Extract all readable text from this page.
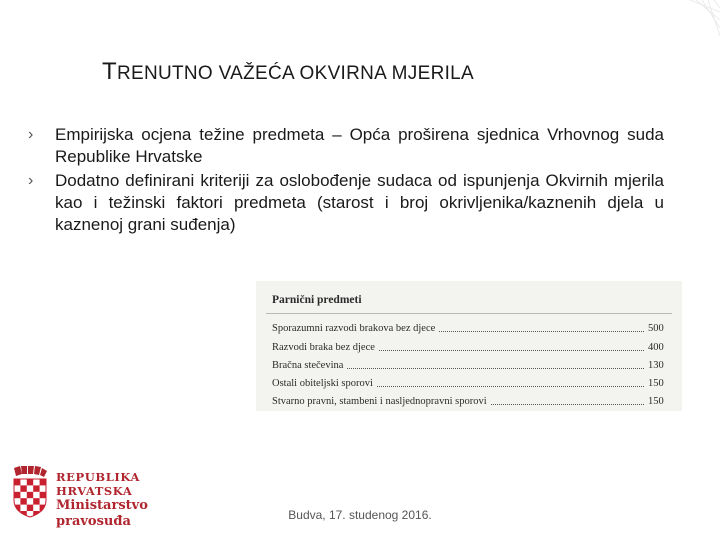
TRENUTNO VAŽEĆA OKVIRNA MJERILA
› Empirijska ocjena težine predmeta – Opća proširena sjednica Vrhovnog suda Republike Hrvatske
› Dodatno definirani kriteriji za oslobođenje sudaca od ispunjenja Okvirnih mjerila kao i težinski faktori predmeta (starost i broj okrivljenika/kaznenih djela u kaznenoj grani suđenja)
Parnični predmeti
Sporazumni razvodi brakova bez djece	500
Razvodi braka bez djece	400
Bračna stečevina	130
Ostali obiteljski sporovi	150
Stvarno pravni, stambeni i nasljednopravni sporovi	150
REPUBLIKA HRVATSKA
Ministarstvo
pravosuđa	Budva, 17. studenog 2016.
